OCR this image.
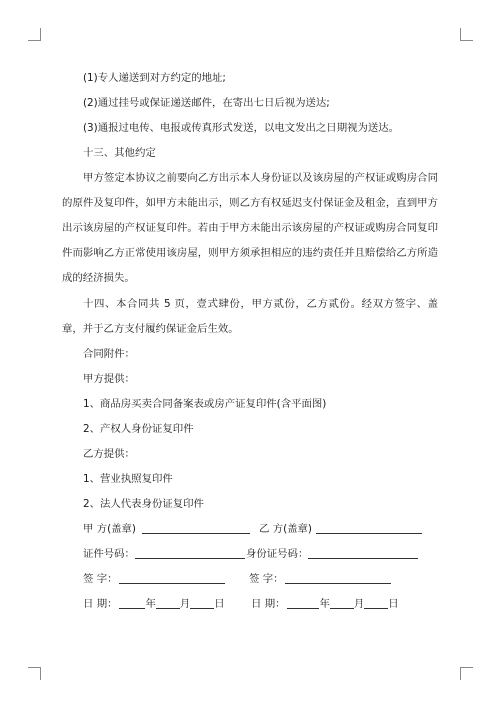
(1)专人递送到对方约定的地址;

(2)通过挂号或保证递送邮件，在寄出七日后视为送达;

(3)通报过电传、电报或传真形式发送，以电文发出之日期视为送达。

十三、其他约定

甲方签定本协议之前要向乙方出示本人身份证以及该房屋的产权证或购房合同的原件及复印件，如甲方未能出示，则乙方有权延迟支付保证金及租金，直到甲方出示该房屋的产权证复印件。若由于甲方未能出示该房屋的产权证或购房合同复印件而影响乙方正常使用该房屋，则甲方须承担相应的违约责任并且赔偿给乙方所造成的经济损失。

十四、本合同共 5 页，壹式肆份，甲方贰份，乙方贰份。经双方签字、盖章，并于乙方支付履约保证金后生效。

合同附件：

甲方提供：

1、商品房买卖合同备案表或房产证复印件(含平面图)

2、产权人身份证复印件

乙方提供：

1、营业执照复印件

2、法人代表身份证复印件

甲 方(盖章)	乙 方(盖章)
证件号码：	身份证号码：
签 字：	签 字：
日 期：	年 月 日	日 期：	年 月 日
